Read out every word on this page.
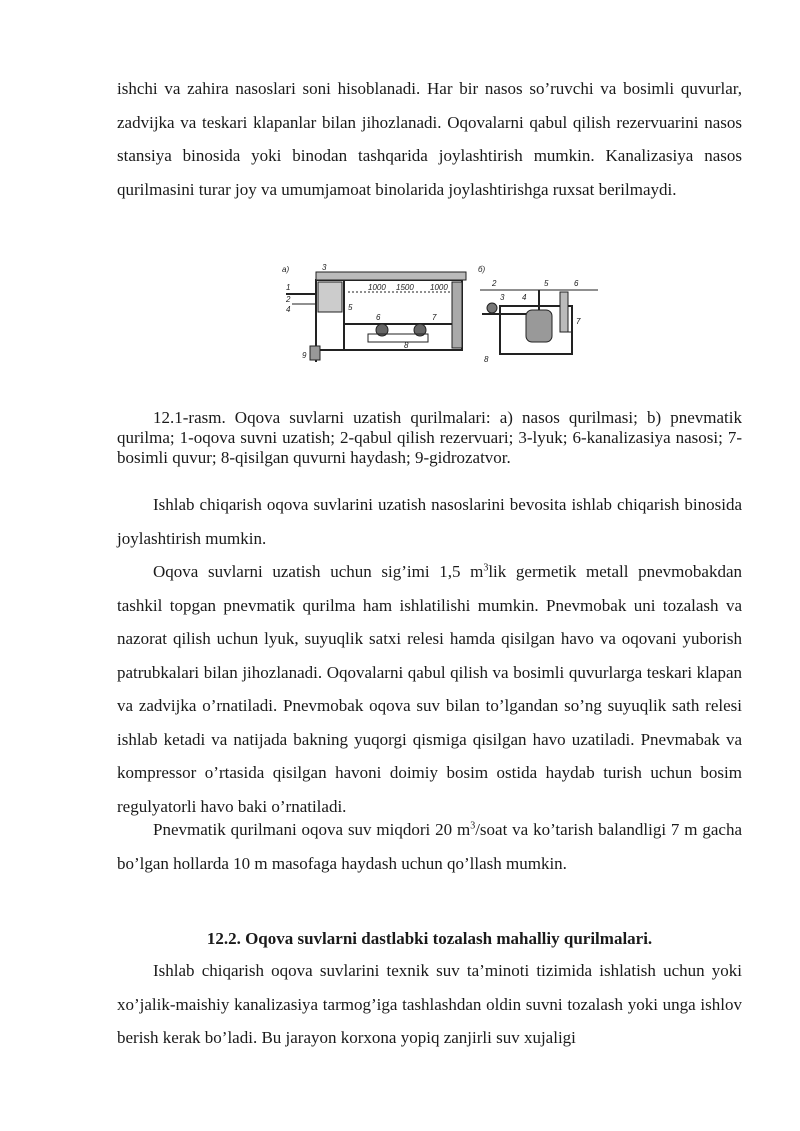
ishchi va zahira nasoslari soni hisoblanadi. Har bir nasos so’ruvchi va bosimli quvurlar, zadvijka va teskari klapanlar bilan jihozlanadi. Oqovalarni qabul qilish rezervuarini nasos stansiya binosida yoki binodan tashqarida joylashtirish mumkin. Kanalizasiya nasos qurilmasini turar joy va umumjamoat binolarida joylashtirishga ruxsat berilmaydi.

a)	б)
1000 1500 1000
1
2
3
4	5
6	7
8
9
2
3 4
5	6
7
8

12.1-rasm. Oqova suvlarni uzatish qurilmalari: a) nasos qurilmasi; b) pnevmatik qurilma; 1-oqova suvni uzatish; 2-qabul qilish rezervuari; 3-lyuk; 6-kanalizasiya nasosi; 7-bosimli quvur; 8-qisilgan quvurni haydash; 9-gidrozatvor.

Ishlab chiqarish oqova suvlarini uzatish nasoslarini bevosita ishlab chiqarish binosida joylashtirish mumkin.

Oqova suvlarni uzatish uchun sig’imi 1,5 $m^3lik$ germetik metall pnevmobakdan tashkil topgan pnevmatik qurilma ham ishlatilishi mumkin. Pnevmobak uni tozalash va nazorat qilish uchun lyuk, suyuqlik satxi relesi hamda qisilgan havo va oqovani yuborish patrubkalari bilan jihozlanadi. Oqovalarni qabul qilish va bosimli quvurlarga teskari klapan va zadvijka o’rnatiladi. Pnevmobak oqova suv bilan to’lgandan so’ng suyuqlik sath relesi ishlab ketadi va natijada bakning yuqorgi qismiga qisilgan havo uzatiladi. Pnevmabak va kompressor o’rtasida qisilgan havoni doimiy bosim ostida haydab turish uchun bosim regulyatorli havo baki o’rnatiladi.

Pnevmatik qurilmani oqova suv miqdori 20 $m^3$/soat va ko’tarish balandligi 7 m gacha bo’lgan hollarda 10 m masofaga haydash uchun qo’llash mumkin.

12.2. Oqova suvlarni dastlabki tozalash mahalliy qurilmalari.

Ishlab chiqarish oqova suvlarini texnik suv ta’minoti tizimida ishlatish uchun yoki xo’jalik-maishiy kanalizasiya tarmog’iga tashlashdan oldin suvni tozalash yoki unga ishlov berish kerak bo’ladi. Bu jarayon korxona yopiq zanjirli suv xujaligi
